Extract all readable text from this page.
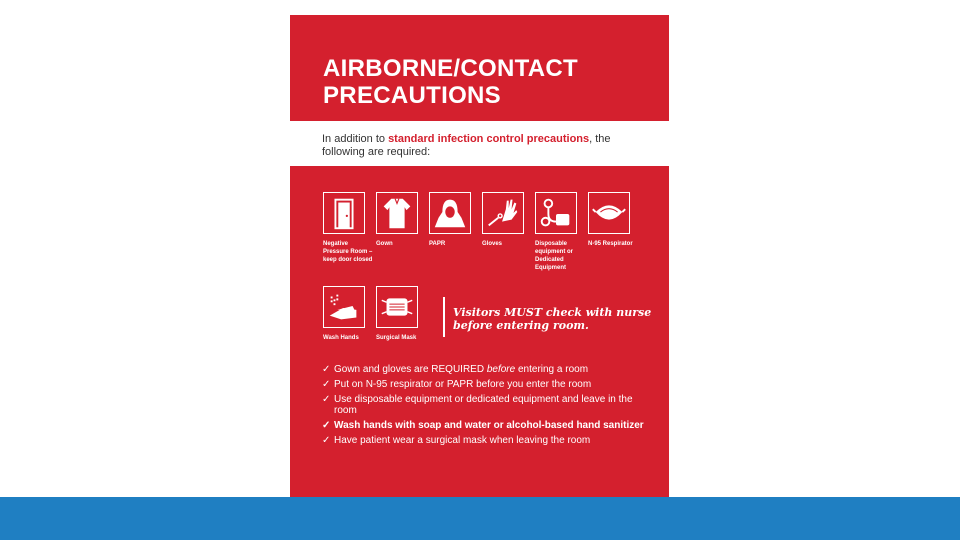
AIRBORNE/CONTACT
PRECAUTIONS
In addition to standard infection control precautions, the following are required:
Negative Pressure Room – keep door closed
Gown	PAPR	Gloves	Disposable equipment or Dedicated Equipment
N-95 Respirator
Wash Hands	Surgical Mask
Visitors MUST check with nurse before entering room.
✓ Gown and gloves are REQUIRED before entering a room
✓ Put on N-95 respirator or PAPR before you enter the room
✓ Use disposable equipment or dedicated equipment and leave in the room
✓ Wash hands with soap and water or alcohol-based hand sanitizer
✓ Have patient wear a surgical mask when leaving the room
